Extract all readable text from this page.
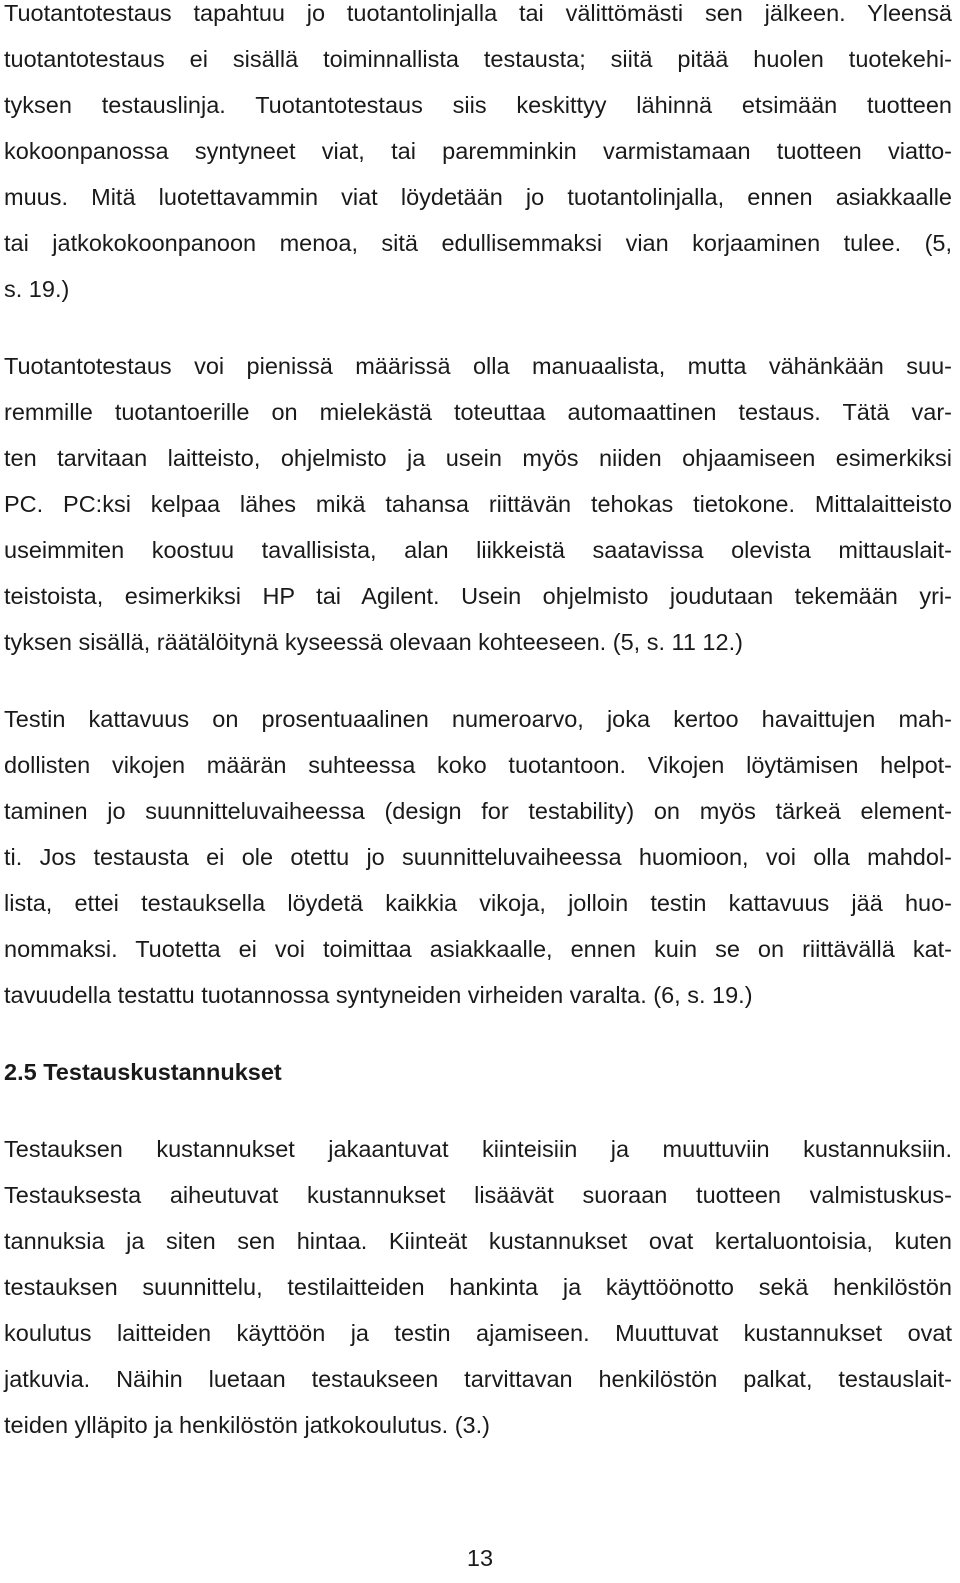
Tuotantotestaus tapahtuu jo tuotantolinjalla tai välittömästi sen jälkeen. Yleensä
tuotantotestaus ei sisällä toiminnallista testausta; siitä pitää huolen tuotekehi-
tyksen testauslinja. Tuotantotestaus siis keskittyy lähinnä etsimään tuotteen
kokoonpanossa syntyneet viat, tai paremminkin varmistamaan tuotteen viatto-
muus. Mitä luotettavammin viat löydetään jo tuotantolinjalla, ennen asiakkaalle
tai jatkokokoonpanoon menoa, sitä edullisemmaksi vian korjaaminen tulee. (5,
s. 19.)
Tuotantotestaus voi pienissä määrissä olla manuaalista, mutta vähänkään suu-
remmille tuotantoerille on mielekästä toteuttaa automaattinen testaus. Tätä var-
ten tarvitaan laitteisto, ohjelmisto ja usein myös niiden ohjaamiseen esimerkiksi
PC. PC:ksi kelpaa lähes mikä tahansa riittävän tehokas tietokone. Mittalaitteisto
useimmiten koostuu tavallisista, alan liikkeistä saatavissa olevista mittauslait-
teistoista, esimerkiksi HP tai Agilent. Usein ohjelmisto joudutaan tekemään yri-
tyksen sisällä, räätälöitynä kyseessä olevaan kohteeseen. (5, s. 11 12.)
Testin kattavuus on prosentuaalinen numeroarvo, joka kertoo havaittujen mah-
dollisten vikojen määrän suhteessa koko tuotantoon. Vikojen löytämisen helpot-
taminen jo suunnitteluvaiheessa (design for testability) on myös tärkeä element-
ti. Jos testausta ei ole otettu jo suunnitteluvaiheessa huomioon, voi olla mahdol-
lista, ettei testauksella löydetä kaikkia vikoja, jolloin testin kattavuus jää huo-
nommaksi. Tuotetta ei voi toimittaa asiakkaalle, ennen kuin se on riittävällä kat-
tavuudella testattu tuotannossa syntyneiden virheiden varalta. (6, s. 19.)
2.5 Testauskustannukset
Testauksen kustannukset jakaantuvat kiinteisiin ja muuttuviin kustannuksiin.
Testauksesta aiheutuvat kustannukset lisäävät suoraan tuotteen valmistuskus-
tannuksia ja siten sen hintaa. Kiinteät kustannukset ovat kertaluontoisia, kuten
testauksen suunnittelu, testilaitteiden hankinta ja käyttöönotto sekä henkilöstön
koulutus laitteiden käyttöön ja testin ajamiseen. Muuttuvat kustannukset ovat
jatkuvia. Näihin luetaan testaukseen tarvittavan henkilöstön palkat, testauslait-
teiden ylläpito ja henkilöstön jatkokoulutus. (3.)
13
